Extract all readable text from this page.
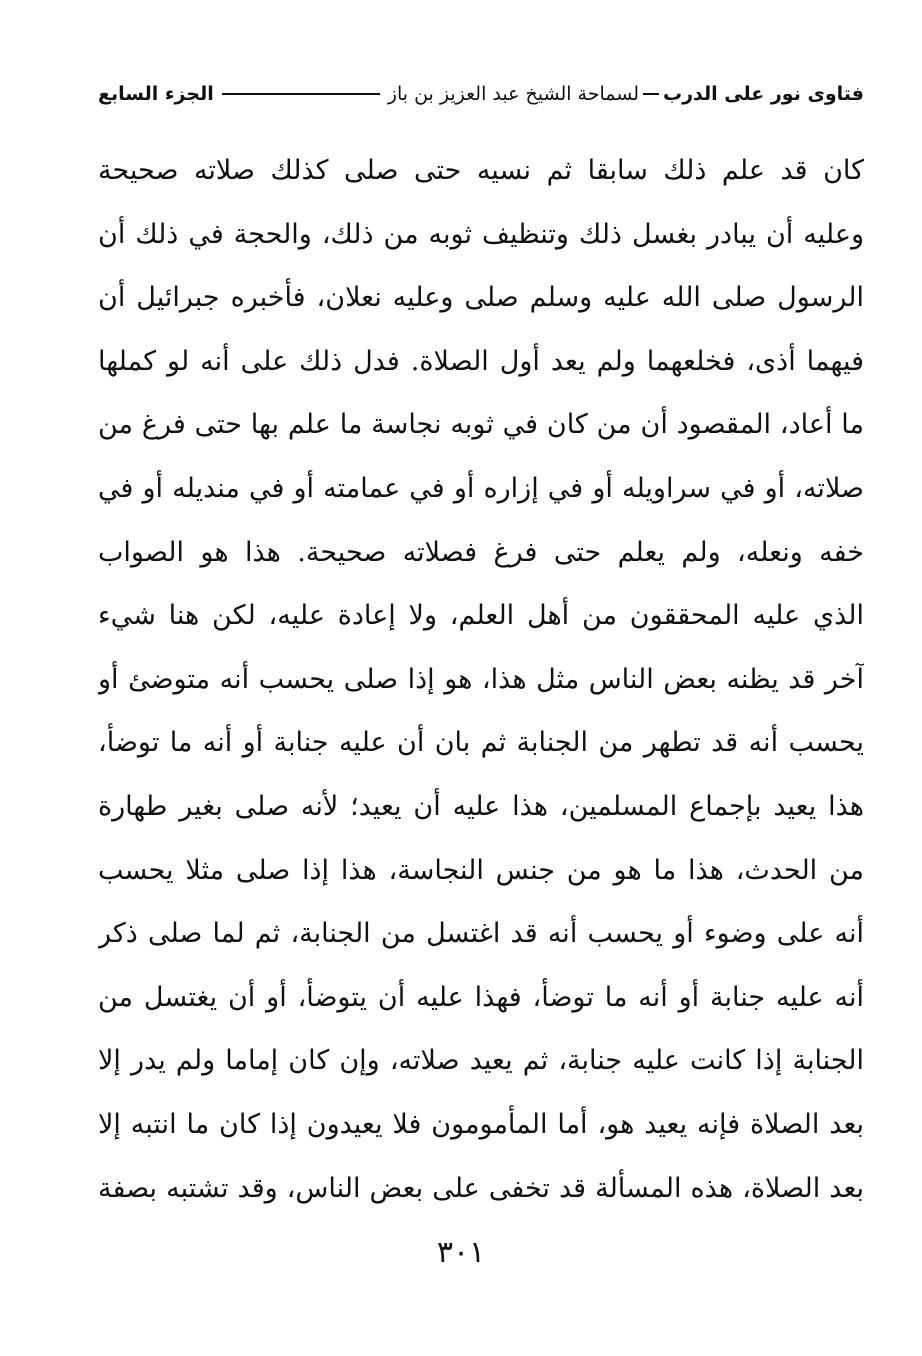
فتاوى نور على الدرب
لسماحة الشيخ عبد العزيز بن باز
الجزء السابع
كان قد علم ذلك سابقا ثم نسيه حتى صلى كذلك صلاته صحيحة
وعليه أن يبادر بغسل ذلك وتنظيف ثوبه من ذلك، والحجة في ذلك أن
الرسول صلى الله عليه وسلم صلى وعليه نعلان، فأخبره جبرائيل أن
فيهما أذى، فخلعهما ولم يعد أول الصلاة. فدل ذلك على أنه لو كملها
ما أعاد، المقصود أن من كان في ثوبه نجاسة ما علم بها حتى فرغ من
صلاته، أو في سراويله أو في إزاره أو في عمامته أو في منديله أو في
خفه ونعله، ولم يعلم حتى فرغ فصلاته صحيحة. هذا هو الصواب
الذي عليه المحققون من أهل العلم، ولا إعادة عليه، لكن هنا شيء
آخر قد يظنه بعض الناس مثل هذا، هو إذا صلى يحسب أنه متوضئ أو
يحسب أنه قد تطهر من الجنابة ثم بان أن عليه جنابة أو أنه ما توضأ،
هذا يعيد بإجماع المسلمين، هذا عليه أن يعيد؛ لأنه صلى بغير طهارة
من الحدث، هذا ما هو من جنس النجاسة، هذا إذا صلى مثلا يحسب
أنه على وضوء أو يحسب أنه قد اغتسل من الجنابة، ثم لما صلى ذكر
أنه عليه جنابة أو أنه ما توضأ، فهذا عليه أن يتوضأ، أو أن يغتسل من
الجنابة إذا كانت عليه جنابة، ثم يعيد صلاته، وإن كان إماما ولم يدر إلا
بعد الصلاة فإنه يعيد هو، أما المأمومون فلا يعيدون إذا كان ما انتبه إلا
بعد الصلاة، هذه المسألة قد تخفى على بعض الناس، وقد تشتبه بصفة
٣٠١
